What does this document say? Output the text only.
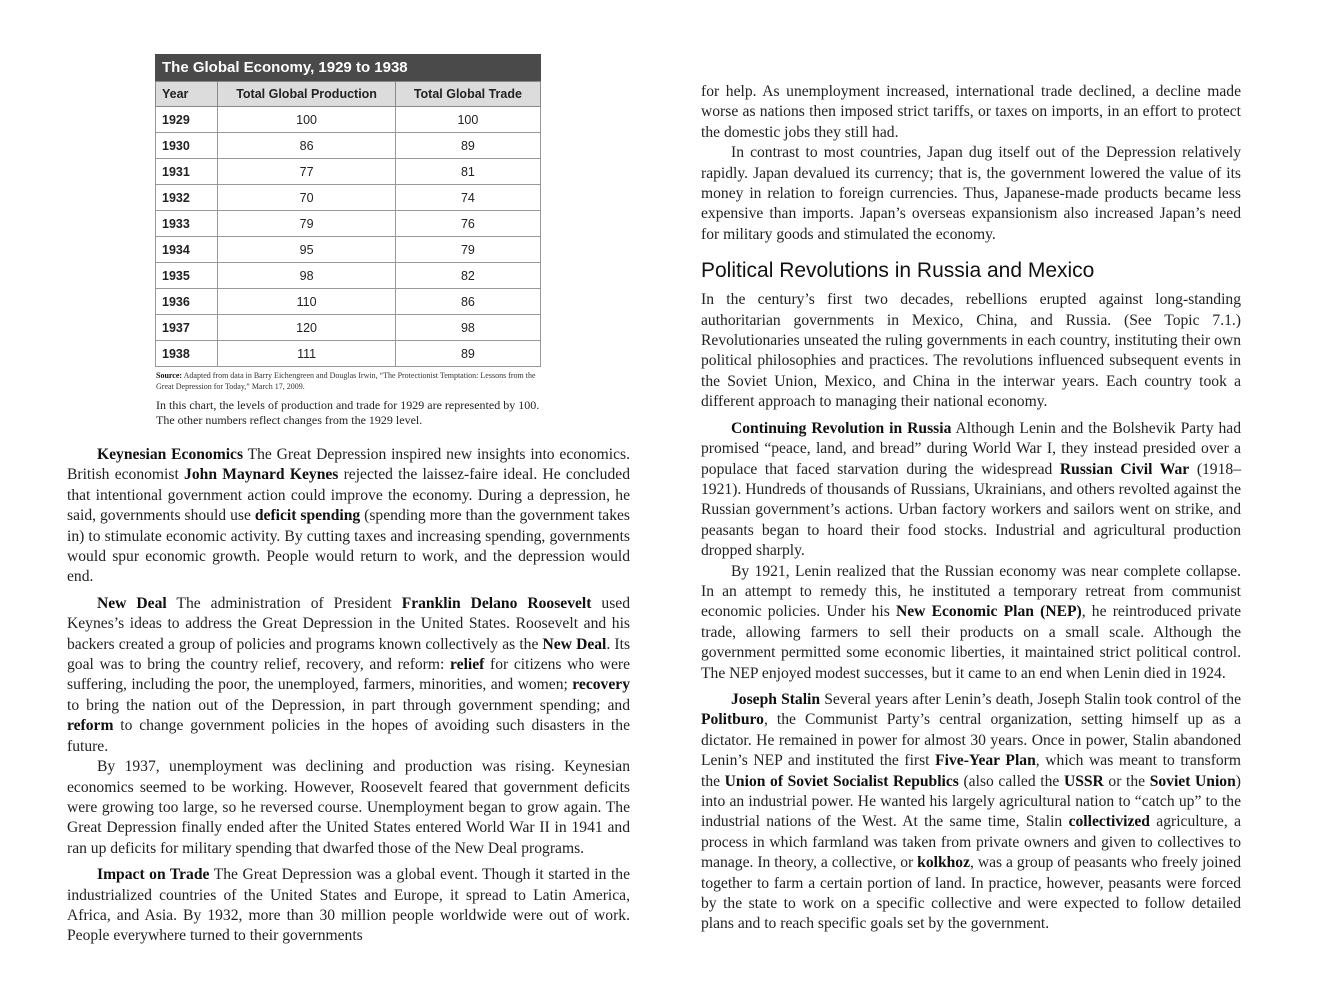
The Global Economy, 1929 to 1938
Year	Total Global Production	Total Global Trade
1929	100	100
1930	86	89
1931	77	81
1932	70	74
1933	79	76
1934	95	79
1935	98	82
1936	110	86
1937	120	98
1938	111	89
Source: Adapted from data in Barry Eichengreen and Douglas Irwin, “The Protectionist Temptation: Lessons from the Great Depression for Today,” March 17, 2009.
In this chart, the levels of production and trade for 1929 are represented by 100. The other numbers reflect changes from the 1929 level.

Keynesian Economics The Great Depression inspired new insights into economics. British economist John Maynard Keynes rejected the laissez-faire ideal. He concluded that intentional government action could improve the economy. During a depression, he said, governments should use deficit spending (spending more than the government takes in) to stimulate economic activity. By cutting taxes and increasing spending, governments would spur economic growth. People would return to work, and the depression would end.

New Deal The administration of President Franklin Delano Roosevelt used Keynes’s ideas to address the Great Depression in the United States. Roosevelt and his backers created a group of policies and programs known collectively as the New Deal. Its goal was to bring the country relief, recovery, and reform: relief for citizens who were suffering, including the poor, the unemployed, farmers, minorities, and women; recovery to bring the nation out of the Depression, in part through government spending; and reform to change government policies in the hopes of avoiding such disasters in the future.

By 1937, unemployment was declining and production was rising. Keynesian economics seemed to be working. However, Roosevelt feared that government deficits were growing too large, so he reversed course. Unemployment began to grow again. The Great Depression finally ended after the United States entered World War II in 1941 and ran up deficits for military spending that dwarfed those of the New Deal programs.

Impact on Trade The Great Depression was a global event. Though it started in the industrialized countries of the United States and Europe, it spread to Latin America, Africa, and Asia. By 1932, more than 30 million people worldwide were out of work. People everywhere turned to their governments

for help. As unemployment increased, international trade declined, a decline made worse as nations then imposed strict tariffs, or taxes on imports, in an effort to protect the domestic jobs they still had.

In contrast to most countries, Japan dug itself out of the Depression relatively rapidly. Japan devalued its currency; that is, the government lowered the value of its money in relation to foreign currencies. Thus, Japanese-made products became less expensive than imports. Japan’s overseas expansionism also increased Japan’s need for military goods and stimulated the economy.

Political Revolutions in Russia and Mexico

In the century’s first two decades, rebellions erupted against long-standing authoritarian governments in Mexico, China, and Russia. (See Topic 7.1.) Revolutionaries unseated the ruling governments in each country, instituting their own political philosophies and practices. The revolutions influenced subsequent events in the Soviet Union, Mexico, and China in the interwar years. Each country took a different approach to managing their national economy.

Continuing Revolution in Russia Although Lenin and the Bolshevik Party had promised “peace, land, and bread” during World War I, they instead presided over a populace that faced starvation during the widespread Russian Civil War (1918–1921). Hundreds of thousands of Russians, Ukrainians, and others revolted against the Russian government’s actions. Urban factory workers and sailors went on strike, and peasants began to hoard their food stocks. Industrial and agricultural production dropped sharply.

By 1921, Lenin realized that the Russian economy was near complete collapse. In an attempt to remedy this, he instituted a temporary retreat from communist economic policies. Under his New Economic Plan (NEP), he reintroduced private trade, allowing farmers to sell their products on a small scale. Although the government permitted some economic liberties, it maintained strict political control. The NEP enjoyed modest successes, but it came to an end when Lenin died in 1924.

Joseph Stalin Several years after Lenin’s death, Joseph Stalin took control of the Politburo, the Communist Party’s central organization, setting himself up as a dictator. He remained in power for almost 30 years. Once in power, Stalin abandoned Lenin’s NEP and instituted the first Five-Year Plan, which was meant to transform the Union of Soviet Socialist Republics (also called the USSR or the Soviet Union) into an industrial power. He wanted his largely agricultural nation to “catch up” to the industrial nations of the West. At the same time, Stalin collectivized agriculture, a process in which farmland was taken from private owners and given to collectives to manage. In theory, a collective, or kolkhoz, was a group of peasants who freely joined together to farm a certain portion of land. In practice, however, peasants were forced by the state to work on a specific collective and were expected to follow detailed plans and to reach specific goals set by the government.
